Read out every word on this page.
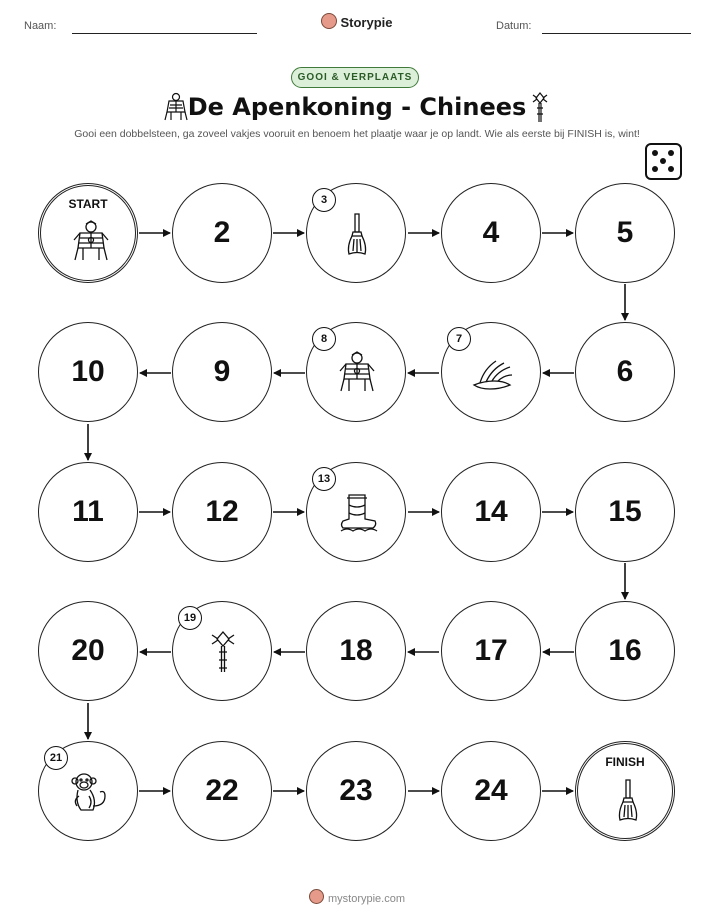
Naam:	Storypie	Datum:
GOOI & VERPLAATS
De Apenkoning - Chinees
Gooi een dobbelsteen, ga zoveel vakjes vooruit en benoem het plaatje waar je op landt. Wie als eerste bij FINISH is, wint!
START
2
3
4	5
10	9
8	7
6
11	12
13
14	15
20
19
18	17	16
21
22	23	24
FINISH
mystorypie.com
